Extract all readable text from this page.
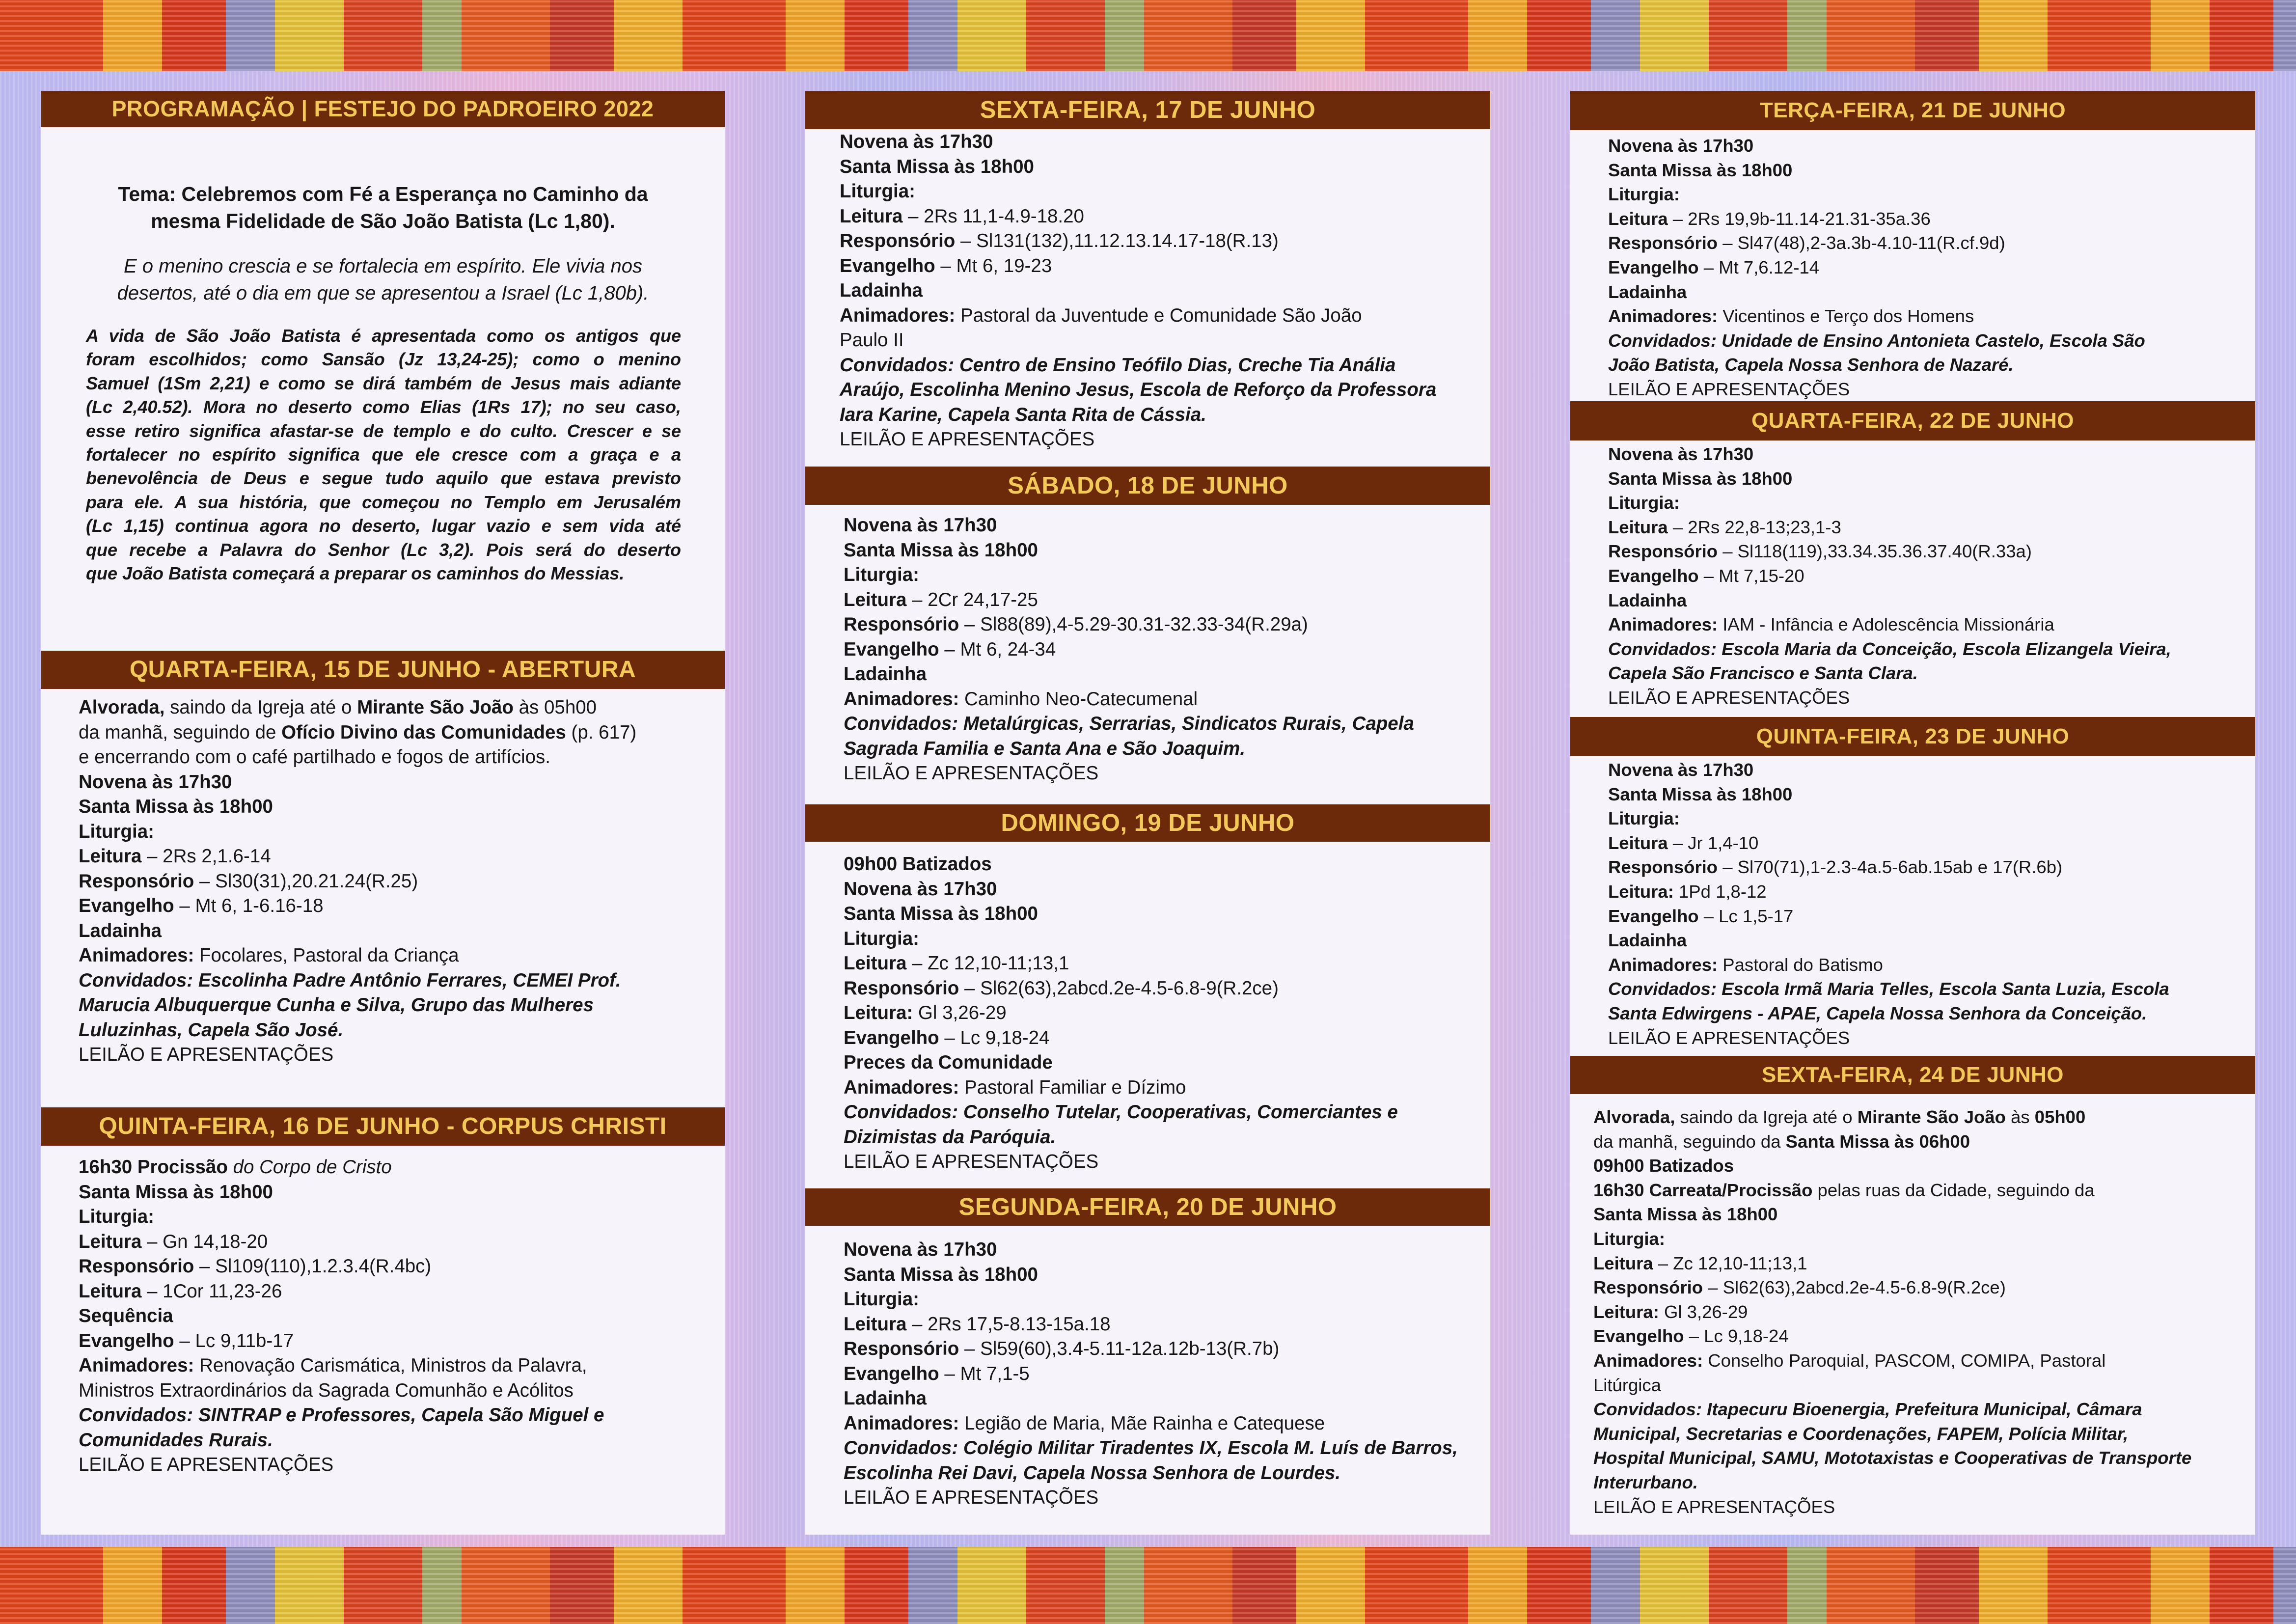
PROGRAMAÇÃO | FESTEJO DO PADROEIRO 2022
Tema: Celebremos com Fé a Esperança no Caminho da
mesma Fidelidade de São João Batista (Lc 1,80).
E o menino crescia e se fortalecia em espírito. Ele vivia nos
desertos, até o dia em que se apresentou a Israel (Lc 1,80b).
A vida de São João Batista é apresentada como os antigos que
foram escolhidos; como Sansão (Jz 13,24-25); como o menino
Samuel (1Sm 2,21) e como se dirá também de Jesus mais adiante
(Lc 2,40.52). Mora no deserto como Elias (1Rs 17); no seu caso,
esse retiro significa afastar-se de templo e do culto. Crescer e se
fortalecer no espírito significa que ele cresce com a graça e a
benevolência de Deus e segue tudo aquilo que estava previsto
para ele. A sua história, que começou no Templo em Jerusalém
(Lc 1,15) continua agora no deserto, lugar vazio e sem vida até
que recebe a Palavra do Senhor (Lc 3,2). Pois será do deserto
que João Batista começará a preparar os caminhos do Messias.
QUARTA-FEIRA, 15 DE JUNHO - ABERTURA
Alvorada, saindo da Igreja até o Mirante São João às 05h00
da manhã, seguindo de Ofício Divino das Comunidades (p. 617)
e encerrando com o café partilhado e fogos de artifícios.
Novena às 17h30
Santa Missa às 18h00
Liturgia:
Leitura – 2Rs 2,1.6-14
Responsório – Sl30(31),20.21.24(R.25)
Evangelho – Mt 6, 1-6.16-18
Ladainha
Animadores: Focolares, Pastoral da Criança
Convidados: Escolinha Padre Antônio Ferrares, CEMEI Prof.
Marucia Albuquerque Cunha e Silva, Grupo das Mulheres
Luluzinhas, Capela São José.
LEILÃO E APRESENTAÇÕES
QUINTA-FEIRA, 16 DE JUNHO - CORPUS CHRISTI
16h30 Procissão do Corpo de Cristo
Santa Missa às 18h00
Liturgia:
Leitura – Gn 14,18-20
Responsório – Sl109(110),1.2.3.4(R.4bc)
Leitura – 1Cor 11,23-26
Sequência
Evangelho – Lc 9,11b-17
Animadores: Renovação Carismática, Ministros da Palavra,
Ministros Extraordinários da Sagrada Comunhão e Acólitos
Convidados: SINTRAP e Professores, Capela São Miguel e
Comunidades Rurais.
LEILÃO E APRESENTAÇÕES
SEXTA-FEIRA, 17 DE JUNHO
Novena às 17h30
Santa Missa às 18h00
Liturgia:
Leitura – 2Rs 11,1-4.9-18.20
Responsório – Sl131(132),11.12.13.14.17-18(R.13)
Evangelho – Mt 6, 19-23
Ladainha
Animadores: Pastoral da Juventude e Comunidade São João
Paulo II
Convidados: Centro de Ensino Teófilo Dias, Creche Tia Anália
Araújo, Escolinha Menino Jesus, Escola de Reforço da Professora
Iara Karine, Capela Santa Rita de Cássia.
LEILÃO E APRESENTAÇÕES
SÁBADO, 18 DE JUNHO
Novena às 17h30
Santa Missa às 18h00
Liturgia:
Leitura – 2Cr 24,17-25
Responsório – Sl88(89),4-5.29-30.31-32.33-34(R.29a)
Evangelho – Mt 6, 24-34
Ladainha
Animadores: Caminho Neo-Catecumenal
Convidados: Metalúrgicas, Serrarias, Sindicatos Rurais, Capela
Sagrada Familia e Santa Ana e São Joaquim.
LEILÃO E APRESENTAÇÕES
DOMINGO, 19 DE JUNHO
09h00 Batizados
Novena às 17h30
Santa Missa às 18h00
Liturgia:
Leitura – Zc 12,10-11;13,1
Responsório – Sl62(63),2abcd.2e-4.5-6.8-9(R.2ce)
Leitura: Gl 3,26-29
Evangelho – Lc 9,18-24
Preces da Comunidade
Animadores: Pastoral Familiar e Dízimo
Convidados: Conselho Tutelar, Cooperativas, Comerciantes e
Dizimistas da Paróquia.
LEILÃO E APRESENTAÇÕES
SEGUNDA-FEIRA, 20 DE JUNHO
Novena às 17h30
Santa Missa às 18h00
Liturgia:
Leitura – 2Rs 17,5-8.13-15a.18
Responsório – Sl59(60),3.4-5.11-12a.12b-13(R.7b)
Evangelho – Mt 7,1-5
Ladainha
Animadores: Legião de Maria, Mãe Rainha e Catequese
Convidados: Colégio Militar Tiradentes IX, Escola M. Luís de Barros,
Escolinha Rei Davi, Capela Nossa Senhora de Lourdes.
LEILÃO E APRESENTAÇÕES
TERÇA-FEIRA, 21 DE JUNHO
Novena às 17h30
Santa Missa às 18h00
Liturgia:
Leitura – 2Rs 19,9b-11.14-21.31-35a.36
Responsório – Sl47(48),2-3a.3b-4.10-11(R.cf.9d)
Evangelho – Mt 7,6.12-14
Ladainha
Animadores: Vicentinos e Terço dos Homens
Convidados: Unidade de Ensino Antonieta Castelo, Escola São
João Batista, Capela Nossa Senhora de Nazaré.
LEILÃO E APRESENTAÇÕES
QUARTA-FEIRA, 22 DE JUNHO
Novena às 17h30
Santa Missa às 18h00
Liturgia:
Leitura – 2Rs 22,8-13;23,1-3
Responsório – Sl118(119),33.34.35.36.37.40(R.33a)
Evangelho – Mt 7,15-20
Ladainha
Animadores: IAM - Infância e Adolescência Missionária
Convidados: Escola Maria da Conceição, Escola Elizangela Vieira,
Capela São Francisco e Santa Clara.
LEILÃO E APRESENTAÇÕES
QUINTA-FEIRA, 23 DE JUNHO
Novena às 17h30
Santa Missa às 18h00
Liturgia:
Leitura – Jr 1,4-10
Responsório – Sl70(71),1-2.3-4a.5-6ab.15ab e 17(R.6b)
Leitura: 1Pd 1,8-12
Evangelho – Lc 1,5-17
Ladainha
Animadores: Pastoral do Batismo
Convidados: Escola Irmã Maria Telles, Escola Santa Luzia, Escola
Santa Edwirgens - APAE, Capela Nossa Senhora da Conceição.
LEILÃO E APRESENTAÇÕES
SEXTA-FEIRA, 24 DE JUNHO
Alvorada, saindo da Igreja até o Mirante São João às 05h00
da manhã, seguindo da Santa Missa às 06h00
09h00 Batizados
16h30 Carreata/Procissão pelas ruas da Cidade, seguindo da
Santa Missa às 18h00
Liturgia:
Leitura – Zc 12,10-11;13,1
Responsório – Sl62(63),2abcd.2e-4.5-6.8-9(R.2ce)
Leitura: Gl 3,26-29
Evangelho – Lc 9,18-24
Animadores: Conselho Paroquial, PASCOM, COMIPA, Pastoral
Litúrgica
Convidados: Itapecuru Bioenergia, Prefeitura Municipal, Câmara
Municipal, Secretarias e Coordenações, FAPEM, Polícia Militar,
Hospital Municipal, SAMU, Mototaxistas e Cooperativas de Transporte
Interurbano.
LEILÃO E APRESENTAÇÕES
